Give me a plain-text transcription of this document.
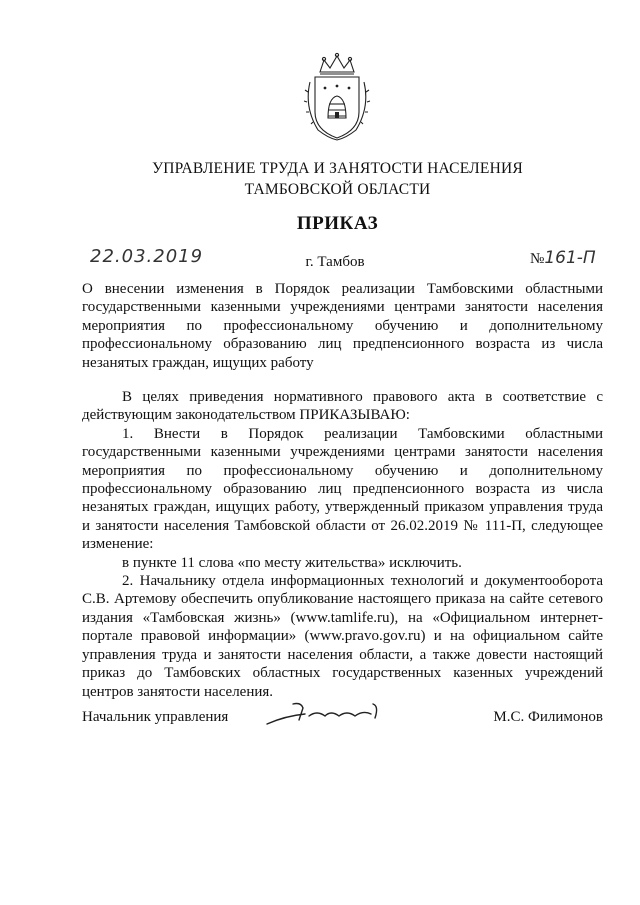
УПРАВЛЕНИЕ ТРУДА И ЗАНЯТОСТИ НАСЕЛЕНИЯ
ТАМБОВСКОЙ ОБЛАСТИ
ПРИКАЗ
22.03.2019	г. Тамбов	№161-П
О внесении изменения в Порядок реализации Тамбовскими областными государственными казенными учреждениями центрами занятости населения мероприятия по профессиональному обучению и дополнительному профессиональному образованию лиц предпенсионного возраста из числа незанятых граждан, ищущих работу

В целях приведения нормативного правового акта в соответствие с действующим законодательством ПРИКАЗЫВАЮ:

1. Внести в Порядок реализации Тамбовскими областными государственными казенными учреждениями центрами занятости населения мероприятия по профессиональному обучению и дополнительному профессиональному образованию лиц предпенсионного возраста из числа незанятых граждан, ищущих работу, утвержденный приказом управления труда и занятости населения Тамбовской области от 26.02.2019 № 111-П, следующее изменение:

в пункте 11 слова «по месту жительства» исключить.

2. Начальнику отдела информационных технологий и документооборота С.В. Артемову обеспечить опубликование настоящего приказа на сайте сетевого издания «Тамбовская жизнь» (www.tamlife.ru), на «Официальном интернет-портале правовой информации» (www.pravo.gov.ru) и на официальном сайте управления труда и занятости населения области, а также довести настоящий приказ до Тамбовских областных государственных казенных учреждений центров занятости населения.

Начальник управления	М.С. Филимонов
